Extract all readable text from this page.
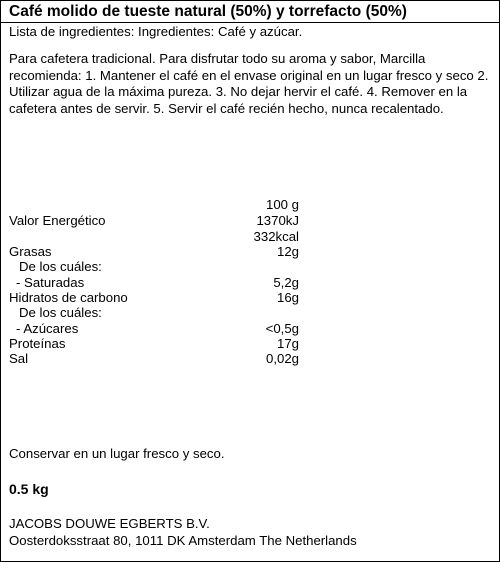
Café molido de tueste natural (50%) y torrefacto (50%)
Lista de ingredientes: Ingredientes: Café y azúcar.
Para cafetera tradicional. Para disfrutar todo su aroma y sabor, Marcilla recomienda: 1. Mantener el café en el envase original en un lugar fresco y seco 2. Utilizar agua de la máxima pureza. 3. No dejar hervir el café. 4. Remover en la cafetera antes de servir. 5. Servir el café recién hecho, nunca recalentado.
100 g
Valor Energético	1370kJ
332kcal
Grasas	12g
De los cuáles:
- Saturadas	5,2g
Hidratos de carbono	16g
De los cuáles:
- Azúcares	<0,5g
Proteínas	17g
Sal	0,02g
Conservar en un lugar fresco y seco.
0.5 kg
JACOBS DOUWE EGBERTS B.V.
Oosterdoksstraat 80, 1011 DK Amsterdam The Netherlands
